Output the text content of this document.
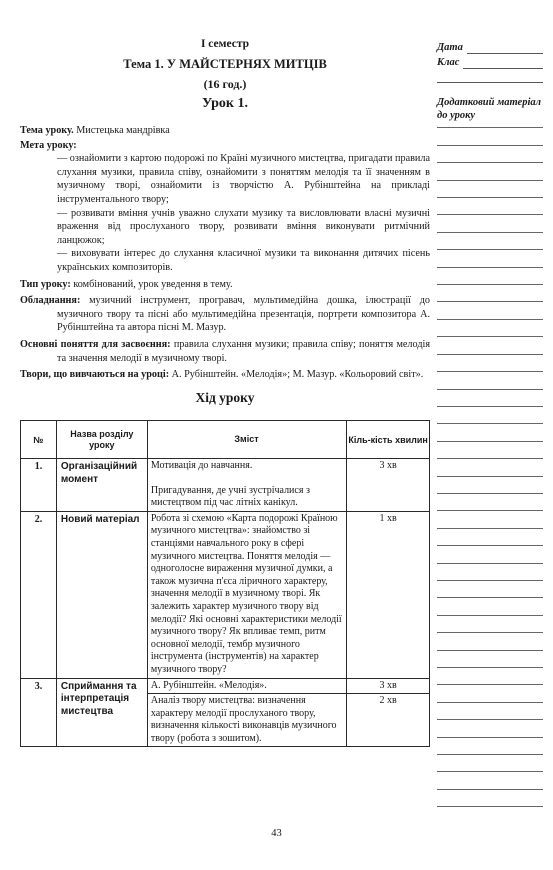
І семестр
Тема 1. У МАЙСТЕРНЯХ МИТЦІВ
(16 год.)
Урок 1.
Тема уроку. Мистецька мандрівка
Мета уроку:
— ознайомити з картою подорожі по Країні музичного мистецтва, пригадати правила слухання музики, правила співу, ознайомити з поняттям мелодія та її значенням в музичному творі, ознайомити із творчістю А. Рубінштейна на прикладі інструментального твору;
— розвивати вміння учнів уважно слухати музику та висловлювати власні музичні враження від прослуханого твору, розвивати вміння виконувати ритмічний ланцюжок;
— виховувати інтерес до слухання класичної музики та виконання дитячих пісень українських композиторів.
Тип уроку: комбінований, урок уведення в тему.
Обладнання: музичний інструмент, програвач, мультимедійна дошка, ілюстрації до музичного твору та пісні або мультимедійна презентація, портрети композитора А. Рубінштейна та автора пісні М. Мазур.
Основні поняття для засвоєння: правила слухання музики; правила співу; поняття мелодія та значення мелодії в музичному творі.
Твори, що вивчаються на уроці: А. Рубінштейн. «Мелодія»; М. Мазур. «Кольоровий світ».
Хід уроку
№	Назва розділу уроку	Зміст	Кіль-кість хвилин
1.	Організаційний момент	Мотивація до навчання.
Пригадування, де учні зустрічалися з мистецтвом під час літніх канікул.	3 хв
2.	Новий матеріал	Робота зі схемою «Карта подорожі Країною музичного мистецтва»: знайомство зі станціями навчального року в сфері музичного мистецтва. Поняття мелодія — одноголосне вираження музичної думки, а також музична п'єса ліричного характеру, значення мелодії в музичному творі. Як залежить характер музичного твору від мелодії? Які основні характеристики мелодії музичного твору? Як впливає темп, ритм основної мелодії, тембр музичного інструмента (інструментів) на характер музичного твору?	1 хв
3.	Сприймання та інтерпретація мистецтва	А. Рубінштейн. «Мелодія».	3 хв
		Аналіз твору мистецтва: визначення характеру мелодії прослуханого твору, визначення кількості виконавців музичного твору (робота з зошитом).	2 хв
Дата
Клас
Додатковий матеріал до уроку
43
